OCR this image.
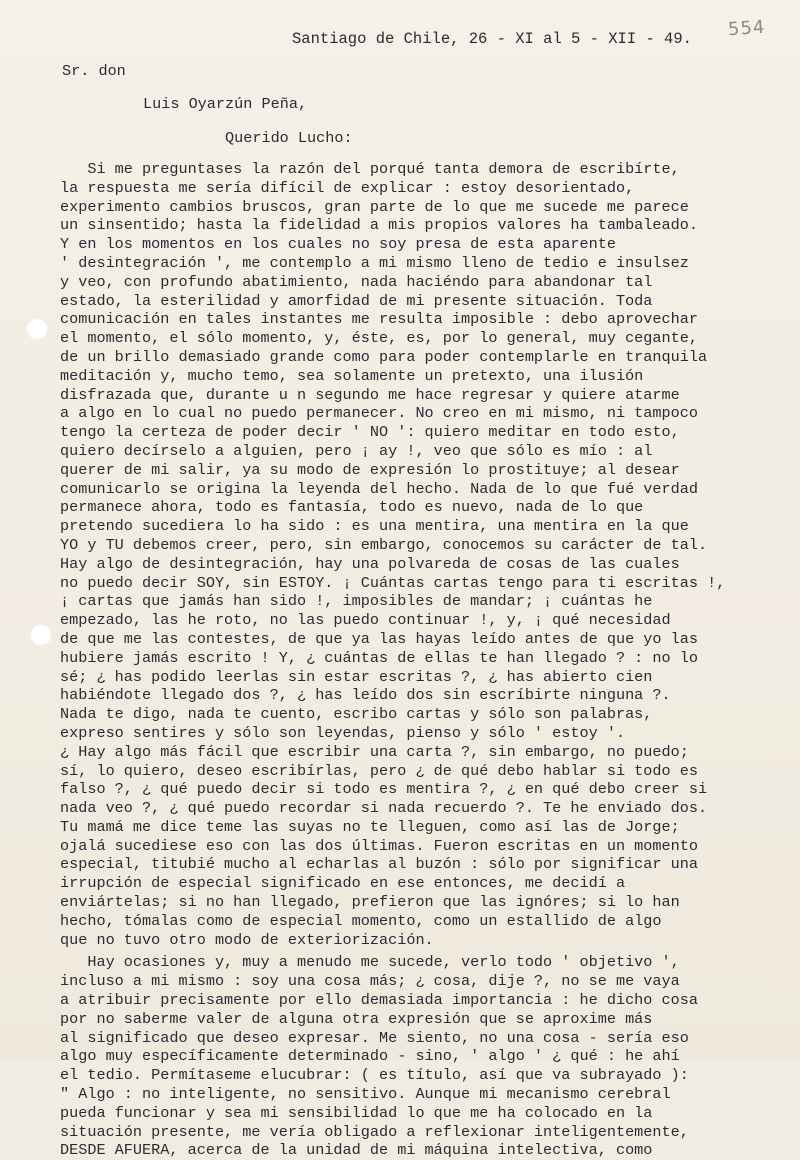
554
Santiago de Chile, 26 - XI al 5 - XII - 49.
Sr. don
Luis Oyarzún Peña,
Querido Lucho:
Si me preguntases la razón del porqué tanta demora de escribírte,
la respuesta me sería difícil de explicar : estoy desorientado,
experimento cambios bruscos, gran parte de lo que me sucede me parece
un sinsentido; hasta la fidelidad a mis propios valores ha tambaleado.
Y en los momentos en los cuales no soy presa de esta aparente
' desintegración ', me contemplo a mi mismo lleno de tedio e insulsez
y veo, con profundo abatimiento, nada haciéndo para abandonar tal
estado, la esterilidad y amorfidad de mi presente situación. Toda
comunicación en tales instantes me resulta imposible : debo aprovechar
el momento, el sólo momento, y, éste, es, por lo general, muy cegante,
de un brillo demasiado grande como para poder contemplarle en tranquila
meditación y, mucho temo, sea solamente un pretexto, una ilusión
disfrazada que, durante u n segundo me hace regresar y quiere atarme
a algo en lo cual no puedo permanecer. No creo en mi mismo, ni tampoco
tengo la certeza de poder decir ' NO ': quiero meditar en todo esto,
quiero decírselo a alguien, pero ¡ ay !, veo que sólo es mío : al
querer de mi salir, ya su modo de expresión lo prostituye; al desear
comunicarlo se origina la leyenda del hecho. Nada de lo que fué verdad
permanece ahora, todo es fantasía, todo es nuevo, nada de lo que
pretendo sucediera lo ha sido : es una mentira, una mentira en la que
YO y TU debemos creer, pero, sin embargo, conocemos su carácter de tal.
Hay algo de desintegración, hay una polvareda de cosas de las cuales
no puedo decir SOY, sin ESTOY. ¡ Cuántas cartas tengo para ti escritas !,
¡ cartas que jamás han sido !, imposibles de mandar; ¡ cuántas he
empezado, las he roto, no las puedo continuar !, y, ¡ qué necesidad
de que me las contestes, de que ya las hayas leído antes de que yo las
hubiere jamás escrito ! Y, ¿ cuántas de ellas te han llegado ? : no lo
sé; ¿ has podido leerlas sin estar escritas ?, ¿ has abierto cien
habiéndote llegado dos ?, ¿ has leído dos sin escríbirte ninguna ?.
Nada te digo, nada te cuento, escribo cartas y sólo son palabras,
expreso sentires y sólo son leyendas, pienso y sólo ' estoy '.
¿ Hay algo más fácil que escribir una carta ?, sin embargo, no puedo;
sí, lo quiero, deseo escribírlas, pero ¿ de qué debo hablar si todo es
falso ?, ¿ qué puedo decir si todo es mentira ?, ¿ en qué debo creer si
nada veo ?, ¿ qué puedo recordar si nada recuerdo ?. Te he enviado dos.
Tu mamá me dice teme las suyas no te lleguen, como así las de Jorge;
ojalá sucediese eso con las dos últimas. Fueron escritas en un momento
especial, titubié mucho al echarlas al buzón : sólo por significar una
irrupción de especial significado en ese entonces, me decidí a
enviártelas; si no han llegado, prefieron que las ignóres; si lo han
hecho, tómalas como de especial momento, como un estallido de algo
que no tuvo otro modo de exteriorización.
Hay ocasiones y, muy a menudo me sucede, verlo todo ' objetivo ',
incluso a mi mismo : soy una cosa más; ¿ cosa, dije ?, no se me vaya
a atribuir precisamente por ello demasiada importancia : he dicho cosa
por no saberme valer de alguna otra expresión que se aproxime más
al significado que deseo expresar. Me siento, no una cosa - sería eso
algo muy específicamente determinado - sino, ' algo ' ¿ qué : he ahí
el tedio. Permítaseme elucubrar: ( es título, así que va subrayado ):
" Algo : no inteligente, no sensitivo. Aunque mi mecanismo cerebral
pueda funcionar y sea mi sensibilidad lo que me ha colocado en la
situación presente, me vería obligado a reflexionar inteligentemente,
DESDE AFUERA, acerca de la unidad de mi máquina intelectiva, como
